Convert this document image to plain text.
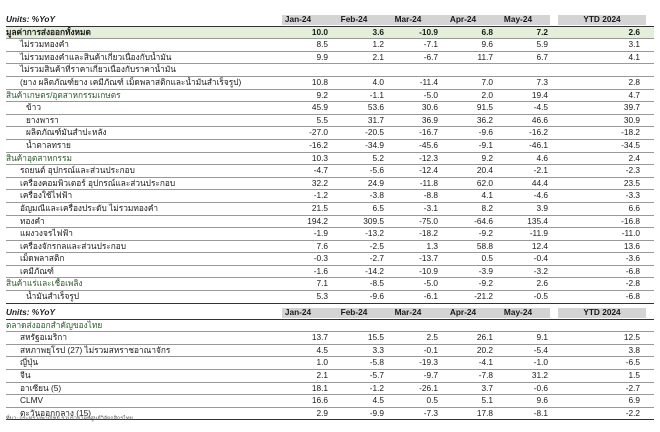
Units: %YoY	Jan-24	Feb-24	Mar-24	Apr-24	May-24	YTD 2024
มูลค่าการส่งออกทั้งหมด	10.0	3.6	-10.9	6.8	7.2	2.6
ไม่รวมทองคำ	8.5	1.2	-7.1	9.6	5.9	3.1
ไม่รวมทองคำและสินค้าเกี่ยวเนื่องกับน้ำมัน	9.9	2.1	-6.7	11.7	6.7	4.1
ไม่รวมสินค้าที่ราคาเกี่ยวเนื่องกับราคาน้ำมัน
(ยาง ผลิตภัณฑ์ยาง เคมีภัณฑ์ เม็ดพลาสติกและน้ำมันสำเร็จรูป)	10.8	4.0	-11.4	7.0	7.3	2.8
สินค้าเกษตร/อุตสาหกรรมเกษตร	9.2	-1.1	-5.0	2.0	19.4	4.7
ข้าว	45.9	53.6	30.6	91.5	-4.5	39.7
ยางพารา	5.5	31.7	36.9	36.2	46.6	30.9
ผลิตภัณฑ์มันสำปะหลัง	-27.0	-20.5	-16.7	-9.6	-16.2	-18.2
น้ำตาลทราย	-16.2	-34.9	-45.6	-9.1	-46.1	-34.5
สินค้าอุตสาหกรรม	10.3	5.2	-12.3	9.2	4.6	2.4
รถยนต์ อุปกรณ์และส่วนประกอบ	-4.7	-5.6	-12.4	20.4	-2.1	-2.3
เครื่องคอมพิวเตอร์ อุปกรณ์และส่วนประกอบ	32.2	24.9	-11.8	62.0	44.4	23.5
เครื่องใช้ไฟฟ้า	-1.2	-3.8	-8.8	4.1	-4.6	-3.3
อัญมณีและเครื่องประดับ ไม่รวมทองคำ	21.5	6.5	-3.1	8.2	3.9	6.6
ทองคำ	194.2	309.5	-75.0	-64.6	135.4	-16.8
แผงวงจรไฟฟ้า	-1.9	-13.2	-18.2	-9.2	-11.9	-11.0
เครื่องจักรกลและส่วนประกอบ	7.6	-2.5	1.3	58.8	12.4	13.6
เม็ดพลาสติก	-0.3	-2.7	-13.7	0.5	-0.4	-3.6
เคมีภัณฑ์	-1.6	-14.2	-10.9	-3.9	-3.2	-6.8
สินค้าแร่และเชื้อเพลิง	7.1	-8.5	-5.0	-9.2	2.6	-2.8
น้ำมันสำเร็จรูป	5.3	-9.6	-6.1	-21.2	-0.5	-6.8
Units: %YoY	Jan-24	Feb-24	Mar-24	Apr-24	May-24	YTD 2024
ตลาดส่งออกสำคัญของไทย
สหรัฐอเมริกา	13.7	15.5	2.5	26.1	9.1	12.5
สหภาพยุโรป (27) ไม่รวมสหราชอาณาจักร	4.5	3.3	-0.1	20.2	-5.4	3.8
ญี่ปุ่น	1.0	-5.8	-19.3	-4.1	-1.0	-6.5
จีน	2.1	-5.7	-9.7	-7.8	31.2	1.5
อาเซียน (5)	18.1	-1.2	-26.1	3.7	-0.6	-2.7
CLMV	16.6	4.5	0.5	5.1	9.6	6.9
ตะวันออกกลาง (15)	2.9	-9.9	-7.3	17.8	-8.1	-2.2
ที่มา: กระทรวงพาณิชย์ รวบรวมโดยศูนย์วิจัยกสิกรไทย
